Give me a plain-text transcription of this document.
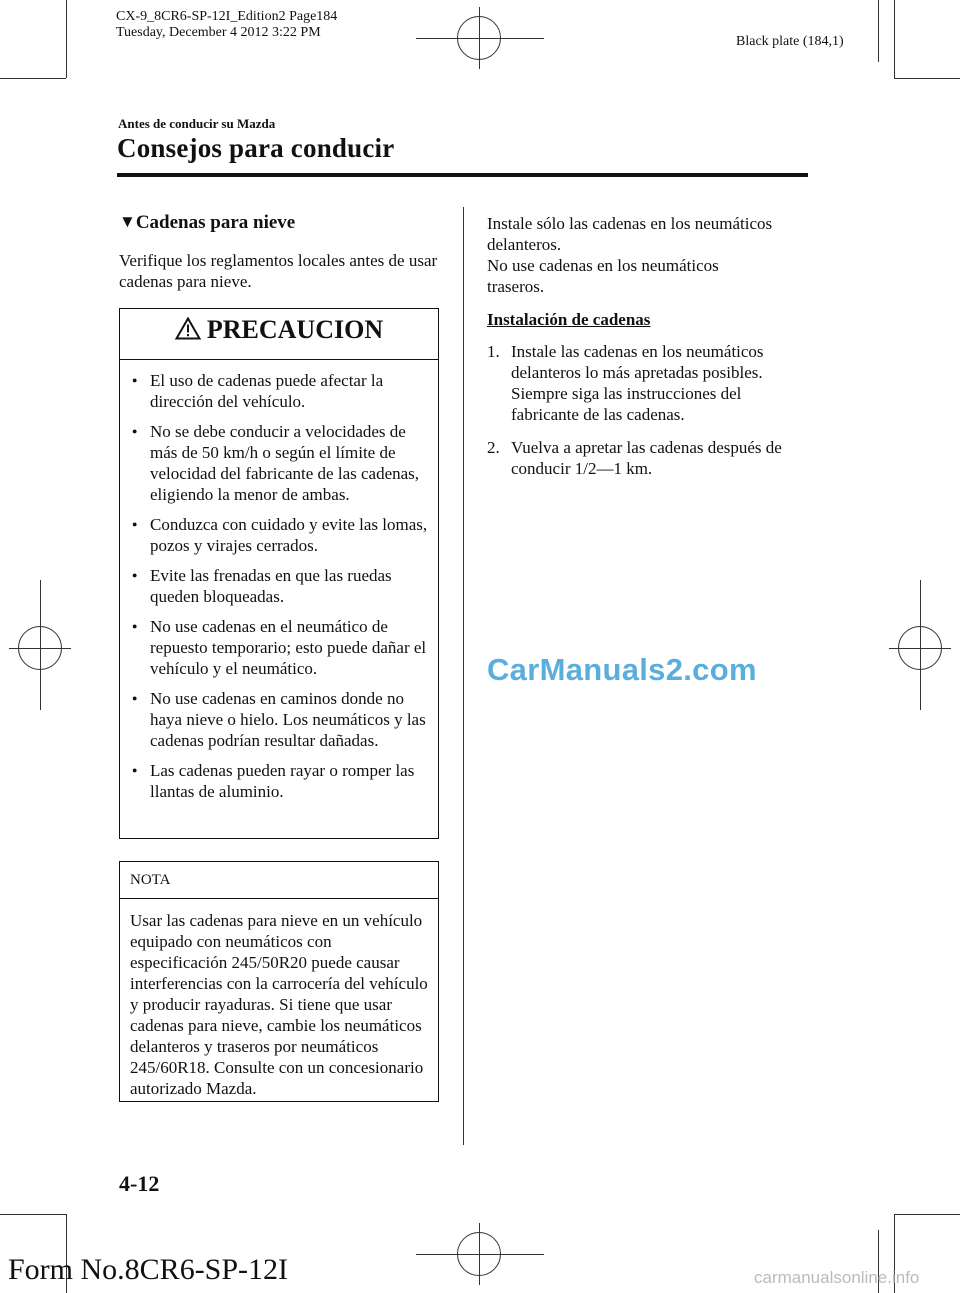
CX-9_8CR6-SP-12I_Edition2 Page184
Tuesday, December 4 2012 3:22 PM
Black plate (184,1)
Antes de conducir su Mazda
Consejos para conducir
▼Cadenas para nieve
Verifique los reglamentos locales antes de usar cadenas para nieve.
PRECAUCION
● El uso de cadenas puede afectar la dirección del vehículo.
● No se debe conducir a velocidades de más de 50 km/h o según el límite de velocidad del fabricante de las cadenas, eligiendo la menor de ambas.
● Conduzca con cuidado y evite las lomas, pozos y virajes cerrados.
● Evite las frenadas en que las ruedas queden bloqueadas.
● No use cadenas en el neumático de repuesto temporario; esto puede dañar el vehículo y el neumático.
● No use cadenas en caminos donde no haya nieve o hielo. Los neumáticos y las cadenas podrían resultar dañadas.
● Las cadenas pueden rayar o romper las llantas de aluminio.
NOTA
Usar las cadenas para nieve en un vehículo equipado con neumáticos con especificación 245/50R20 puede causar interferencias con la carrocería del vehículo y producir rayaduras. Si tiene que usar cadenas para nieve, cambie los neumáticos delanteros y traseros por neumáticos 245/60R18. Consulte con un concesionario autorizado Mazda.
Instale sólo las cadenas en los neumáticos delanteros.
No use cadenas en los neumáticos traseros.
Instalación de cadenas
1. Instale las cadenas en los neumáticos delanteros lo más apretadas posibles. Siempre siga las instrucciones del fabricante de las cadenas.
2. Vuelva a apretar las cadenas después de conducir 1/2―1 km.
CarManuals2.com
4-12
Form No.8CR6-SP-12I	carmanualsonline.info
